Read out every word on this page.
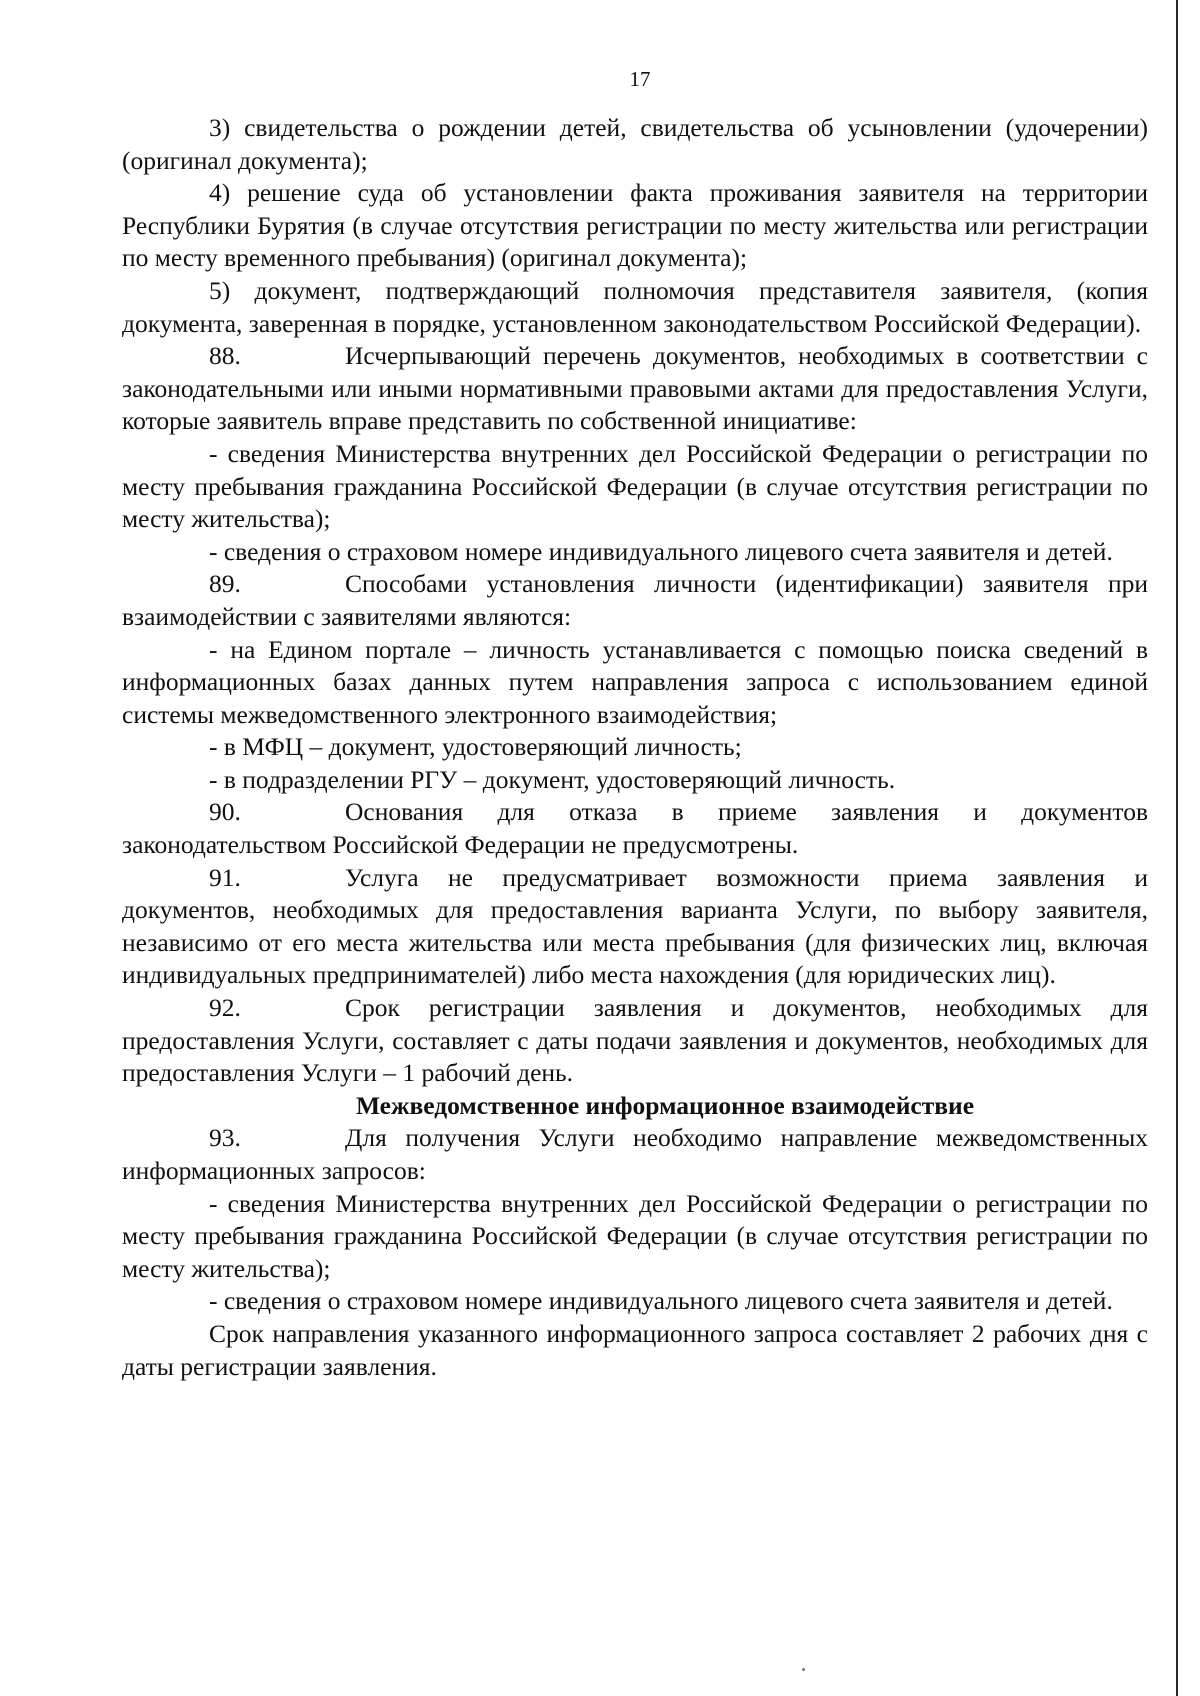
17

3) свидетельства о рождении детей, свидетельства об усыновлении (удочерении) (оригинал документа);

4) решение суда об установлении факта проживания заявителя на территории Республики Бурятия (в случае отсутствия регистрации по месту жительства или регистрации по месту временного пребывания) (оригинал документа);

5) документ, подтверждающий полномочия представителя заявителя, (копия документа, заверенная в порядке, установленном законодательством Российской Федерации).

88.	Исчерпывающий перечень документов, необходимых в соответствии с законодательными или иными нормативными правовыми актами для предоставления Услуги, которые заявитель вправе представить по собственной инициативе:

- сведения Министерства внутренних дел Российской Федерации о регистрации по месту пребывания гражданина Российской Федерации (в случае отсутствия регистрации по месту жительства);

- сведения о страховом номере индивидуального лицевого счета заявителя и детей.

89.	Способами установления личности (идентификации) заявителя при взаимодействии с заявителями являются:

- на Едином портале – личность устанавливается с помощью поиска сведений в информационных базах данных путем направления запроса с использованием единой системы межведомственного электронного взаимодействия;

- в МФЦ – документ, удостоверяющий личность;

- в подразделении РГУ – документ, удостоверяющий личность.

90.	Основания для отказа в приеме заявления и документов законодательством Российской Федерации не предусмотрены.

91.	Услуга не предусматривает возможности приема заявления и документов, необходимых для предоставления варианта Услуги, по выбору заявителя, независимо от его места жительства или места пребывания (для физических лиц, включая индивидуальных предпринимателей) либо места нахождения (для юридических лиц).

92.	Срок регистрации заявления и документов, необходимых для предоставления Услуги, составляет с даты подачи заявления и документов, необходимых для предоставления Услуги – 1 рабочий день.

Межведомственное информационное взаимодействие

93.	Для получения Услуги необходимо направление межведомственных информационных запросов:

- сведения Министерства внутренних дел Российской Федерации о регистрации по месту пребывания гражданина Российской Федерации (в случае отсутствия регистрации по месту жительства);

- сведения о страховом номере индивидуального лицевого счета заявителя и детей.

Срок направления указанного информационного запроса составляет 2 рабочих дня с даты регистрации заявления.
